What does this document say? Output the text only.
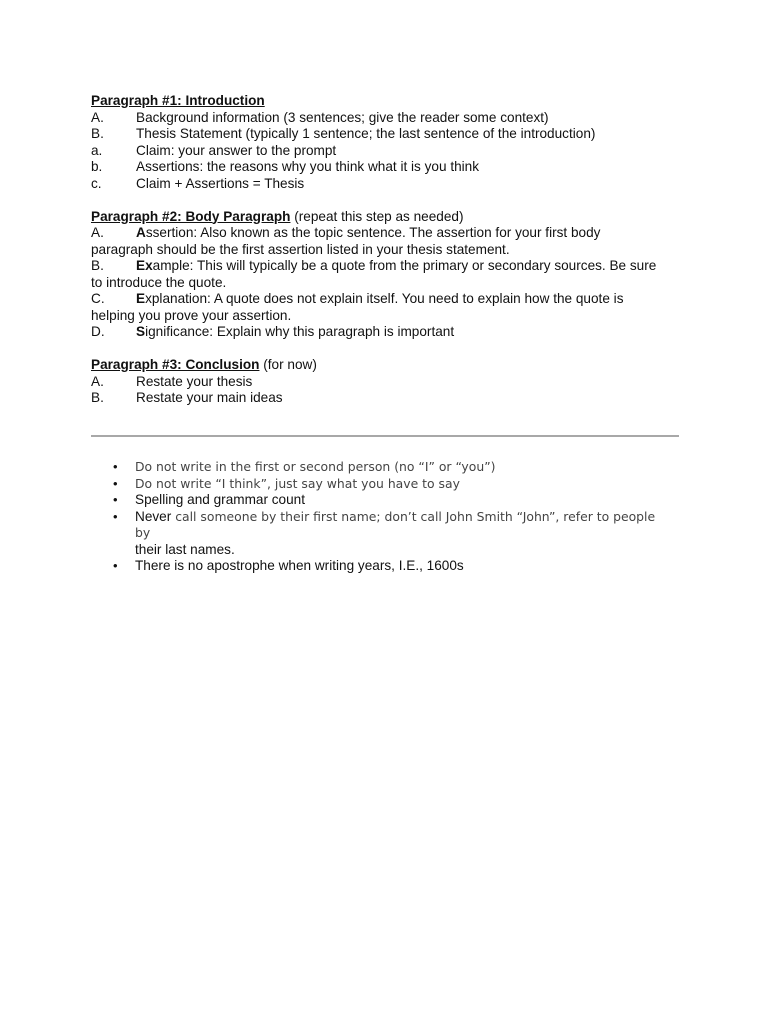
Paragraph #1: Introduction
A.	Background information (3 sentences; give the reader some context)
B.	Thesis Statement (typically 1 sentence; the last sentence of the introduction)
a.	Claim: your answer to the prompt
b.	Assertions: the reasons why you think what it is you think
c.	Claim + Assertions = Thesis
Paragraph #2: Body Paragraph (repeat this step as needed)
A.	Assertion: Also known as the topic sentence. The assertion for your first body
paragraph should be the first assertion listed in your thesis statement.
B.	Example: This will typically be a quote from the primary or secondary sources. Be sure
to introduce the quote.
C.	Explanation: A quote does not explain itself. You need to explain how the quote is
helping you prove your assertion.
D.	Significance: Explain why this paragraph is important
Paragraph #3: Conclusion (for now)
A.	Restate your thesis
B.	Restate your main ideas
•	Do not write in the first or second person (no “I” or “you”)
•	Do not write “I think”, just say what you have to say
•	Spelling and grammar count
•	Never call someone by their first name; don’t call John Smith “John”, refer to people by
their last names.
•	There is no apostrophe when writing years, I.E., 1600s
